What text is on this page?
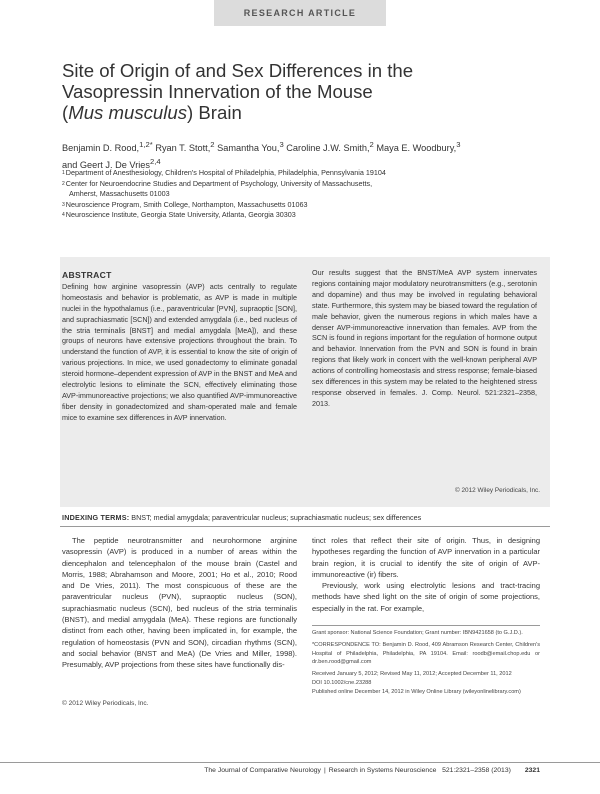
RESEARCH ARTICLE
Site of Origin of and Sex Differences in the
Vasopressin Innervation of the Mouse
(Mus musculus) Brain
Benjamin D. Rood,$^{1,2*}$ Ryan T. Stott,$^2$ Samantha You,$^3$ Caroline J.W. Smith,$^2$ Maya E. Woodbury,$^3$
and Geert J. De Vries$^{2,4}$
1 Department of Anesthesiology, Children's Hospital of Philadelphia, Philadelphia, Pennsylvania 19104
2 Center for Neuroendocrine Studies and Department of Psychology, University of Massachusetts,
Amherst, Massachusetts 01003
3 Neuroscience Program, Smith College, Northampton, Massachusetts 01063
4 Neuroscience Institute, Georgia State University, Atlanta, Georgia 30303
ABSTRACT
Defining how arginine vasopressin (AVP) acts centrally to regulate homeostasis and behavior is problematic, as AVP is made in multiple nuclei in the hypothalamus (i.e., paraventricular [PVN], supraoptic [SON], and suprachiasmatic [SCN]) and extended amygdala (i.e., bed nucleus of the stria terminalis [BNST] and medial amygdala [MeA]), and these groups of neurons have extensive projections throughout the brain. To understand the function of AVP, it is essential to know the site of origin of various projections. In mice, we used gonadectomy to eliminate gonadal steroid hormone–dependent expression of AVP in the BNST and MeA and electrolytic lesions to eliminate the SCN, effectively eliminating those AVP-immunoreactive projections; we also quantified AVP-immunoreactive fiber density in gonadectomized and sham-operated male and female mice to examine sex differences in AVP innervation.
Our results suggest that the BNST/MeA AVP system innervates regions containing major modulatory neurotransmitters (e.g., serotonin and dopamine) and thus may be involved in regulating behavioral state. Furthermore, this system may be biased toward the regulation of male behavior, given the numerous regions in which males have a denser AVP-immunoreactive innervation than females. AVP from the SCN is found in regions important for the regulation of hormone output and behavior. Innervation from the PVN and SON is found in brain regions that likely work in concert with the well-known peripheral AVP actions of controlling homeostasis and stress response; female-biased sex differences in this system may be related to the heightened stress response observed in females. J. Comp. Neurol. 521:2321–2358, 2013.
© 2012 Wiley Periodicals, Inc.
INDEXING TERMS: BNST; medial amygdala; paraventricular nucleus; suprachiasmatic nucleus; sex differences
The peptide neurotransmitter and neurohormone arginine vasopressin (AVP) is produced in a number of areas within the diencephalon and telencephalon of the mouse brain (Castel and Morris, 1988; Abrahamson and Moore, 2001; Ho et al., 2010; Rood and De Vries, 2011). The most conspicuous of these are the paraventricular nucleus (PVN), supraoptic nucleus (SON), suprachiasmatic nucleus (SCN), bed nucleus of the stria terminalis (BNST), and medial amygdala (MeA). These regions are functionally distinct from each other, having been implicated in, for example, the regulation of homeostasis (PVN and SON), circadian rhythms (SCN), and social behavior (BNST and MeA) (De Vries and Miller, 1998). Presumably, AVP projections from these sites have functionally dis-
© 2012 Wiley Periodicals, Inc.

tinct roles that reflect their site of origin. Thus, in designing hypotheses regarding the function of AVP innervation in a particular brain region, it is crucial to identify the site of origin of AVP-immunoreactive (ir) fibers.

Previously, work using electrolytic lesions and tract-tracing methods have shed light on the site of origin of some projections, especially in the rat. For example,

Grant sponsor: National Science Foundation; Grant number: IBN9421658 (to G.J.D.).

*CORRESPONDENCE TO: Benjamin D. Rood, 409 Abramson Research Center, Children's Hospital of Philadelphia, Philadelphia, PA 19104. Email: roodb@email.chop.edu or dr.ben.rood@gmail.com

Received January 5, 2012; Revised May 11, 2012; Accepted December 11, 2012

DOI 10.1002/cne.23288

Published online December 14, 2012 in Wiley Online Library (wileyonlinelibrary.com)

The Journal of Comparative Neurology | Research in Systems Neuroscience 521:2321–2358 (2013) 2321
